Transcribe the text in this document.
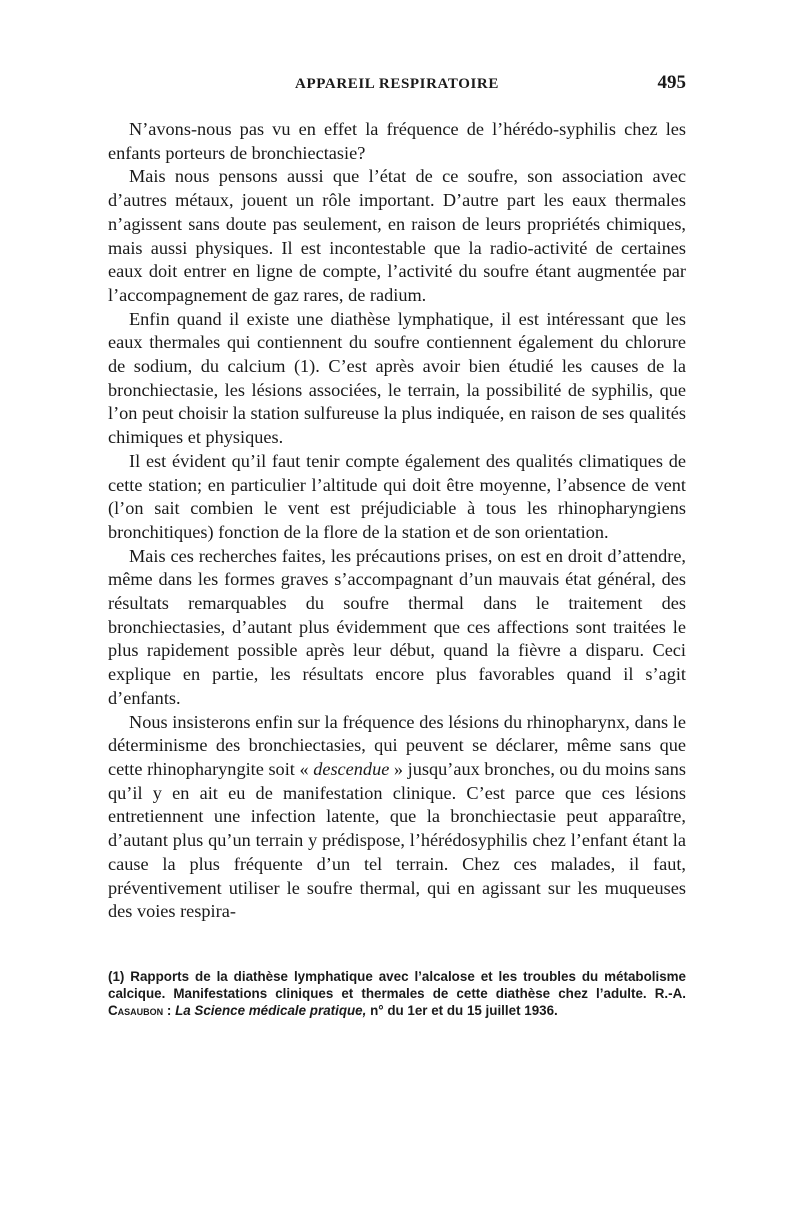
APPAREIL RESPIRATOIRE	495

N’avons-nous pas vu en effet la fréquence de l’hérédo-syphilis chez les enfants porteurs de bronchiectasie?

Mais nous pensons aussi que l’état de ce soufre, son association avec d’autres métaux, jouent un rôle important. D’autre part les eaux thermales n’agissent sans doute pas seulement, en raison de leurs propriétés chimiques, mais aussi physiques. Il est incontestable que la radio-activité de certaines eaux doit entrer en ligne de compte, l’activité du soufre étant augmentée par l’accompagnement de gaz rares, de radium.

Enfin quand il existe une diathèse lymphatique, il est intéressant que les eaux thermales qui contiennent du soufre contiennent également du chlorure de sodium, du calcium (1). C’est après avoir bien étudié les causes de la bronchiectasie, les lésions associées, le terrain, la possibilité de syphilis, que l’on peut choisir la station sulfureuse la plus indiquée, en raison de ses qualités chimiques et physiques.

Il est évident qu’il faut tenir compte également des qualités climatiques de cette station; en particulier l’altitude qui doit être moyenne, l’absence de vent (l’on sait combien le vent est préjudiciable à tous les rhinopharyngiens bronchitiques) fonction de la flore de la station et de son orientation.

Mais ces recherches faites, les précautions prises, on est en droit d’attendre, même dans les formes graves s’accompagnant d’un mauvais état général, des résultats remarquables du soufre thermal dans le traitement des bronchiectasies, d’autant plus évidemment que ces affections sont traitées le plus rapidement possible après leur début, quand la fièvre a disparu. Ceci explique en partie, les résultats encore plus favorables quand il s’agit d’enfants.

Nous insisterons enfin sur la fréquence des lésions du rhinopharynx, dans le déterminisme des bronchiectasies, qui peuvent se déclarer, même sans que cette rhinopharyngite soit « descendue » jusqu’aux bronches, ou du moins sans qu’il y en ait eu de manifestation clinique. C’est parce que ces lésions entretiennent une infection latente, que la bronchiectasie peut apparaître, d’autant plus qu’un terrain y prédispose, l’hérédosyphilis chez l’enfant étant la cause la plus fréquente d’un tel terrain. Chez ces malades, il faut, préventivement utiliser le soufre thermal, qui en agissant sur les muqueuses des voies respira-

(1) Rapports de la diathèse lymphatique avec l’alcalose et les troubles du métabolisme calcique. Manifestations cliniques et thermales de cette diathèse chez l’adulte. R.-A. Casaubon : La Science médicale pratique, n° du 1er et du 15 juillet 1936.
